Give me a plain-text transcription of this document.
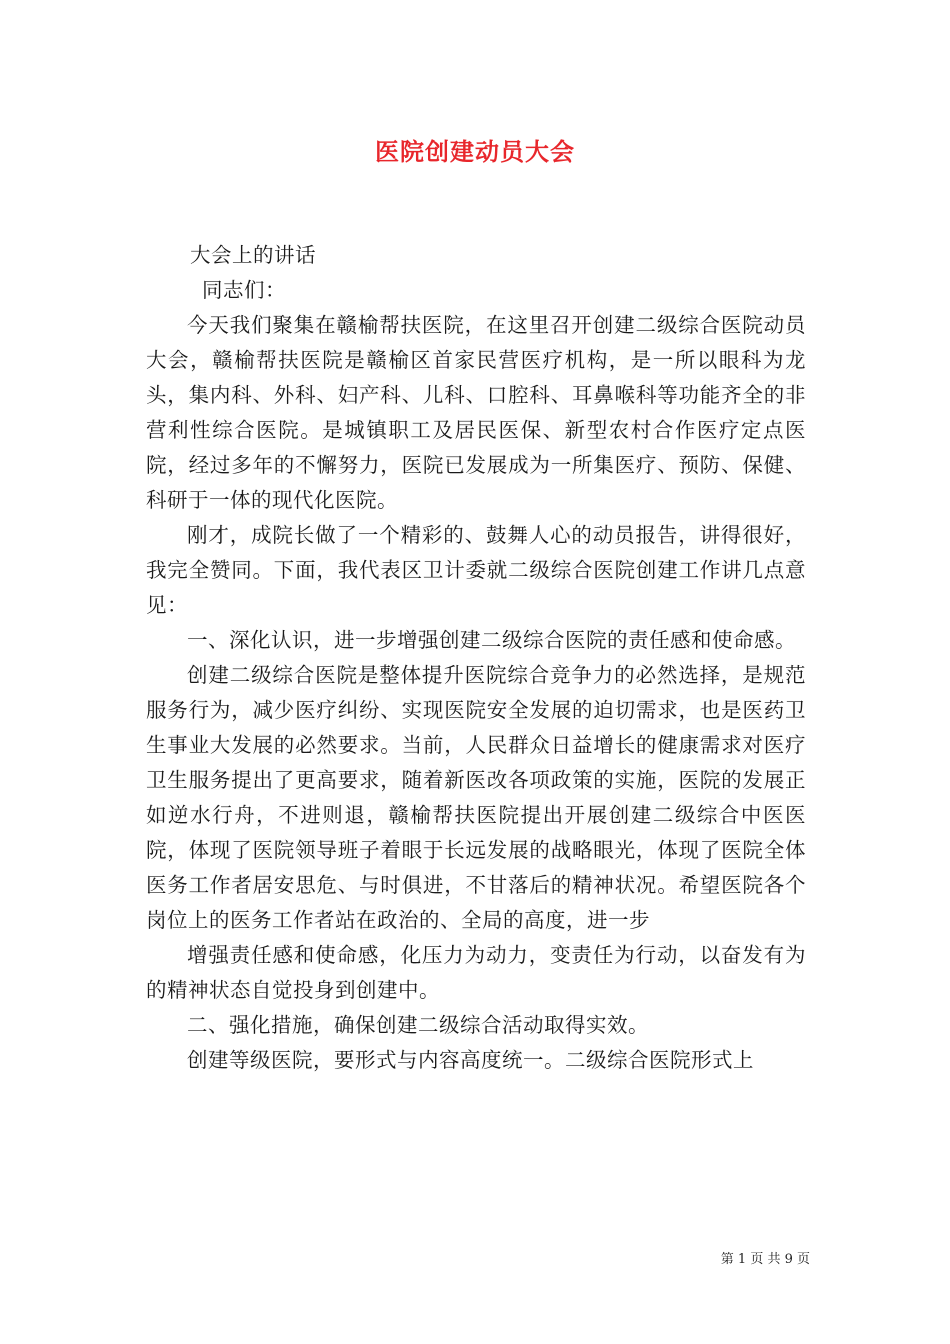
医院创建动员大会

大会上的讲话

同志们：

今天我们聚集在赣榆帮扶医院，在这里召开创建二级综合医院动员大会，赣榆帮扶医院是赣榆区首家民营医疗机构，是一所以眼科为龙头，集内科、外科、妇产科、儿科、口腔科、耳鼻喉科等功能齐全的非营利性综合医院。是城镇职工及居民医保、新型农村合作医疗定点医院，经过多年的不懈努力，医院已发展成为一所集医疗、预防、保健、科研于一体的现代化医院。

刚才，成院长做了一个精彩的、鼓舞人心的动员报告，讲得很好，我完全赞同。下面，我代表区卫计委就二级综合医院创建工作讲几点意见：

一、深化认识，进一步增强创建二级综合医院的责任感和使命感。

创建二级综合医院是整体提升医院综合竞争力的必然选择，是规范服务行为，减少医疗纠纷、实现医院安全发展的迫切需求，也是医药卫生事业大发展的必然要求。当前，人民群众日益增长的健康需求对医疗卫生服务提出了更高要求，随着新医改各项政策的实施，医院的发展正如逆水行舟，不进则退，赣榆帮扶医院提出开展创建二级综合中医医院，体现了医院领导班子着眼于长远发展的战略眼光，体现了医院全体医务工作者居安思危、与时俱进，不甘落后的精神状况。希望医院各个岗位上的医务工作者站在政治的、全局的高度，进一步

增强责任感和使命感，化压力为动力，变责任为行动，以奋发有为的精神状态自觉投身到创建中。

二、强化措施，确保创建二级综合活动取得实效。

创建等级医院，要形式与内容高度统一。二级综合医院形式上

第 1 页 共 9 页
